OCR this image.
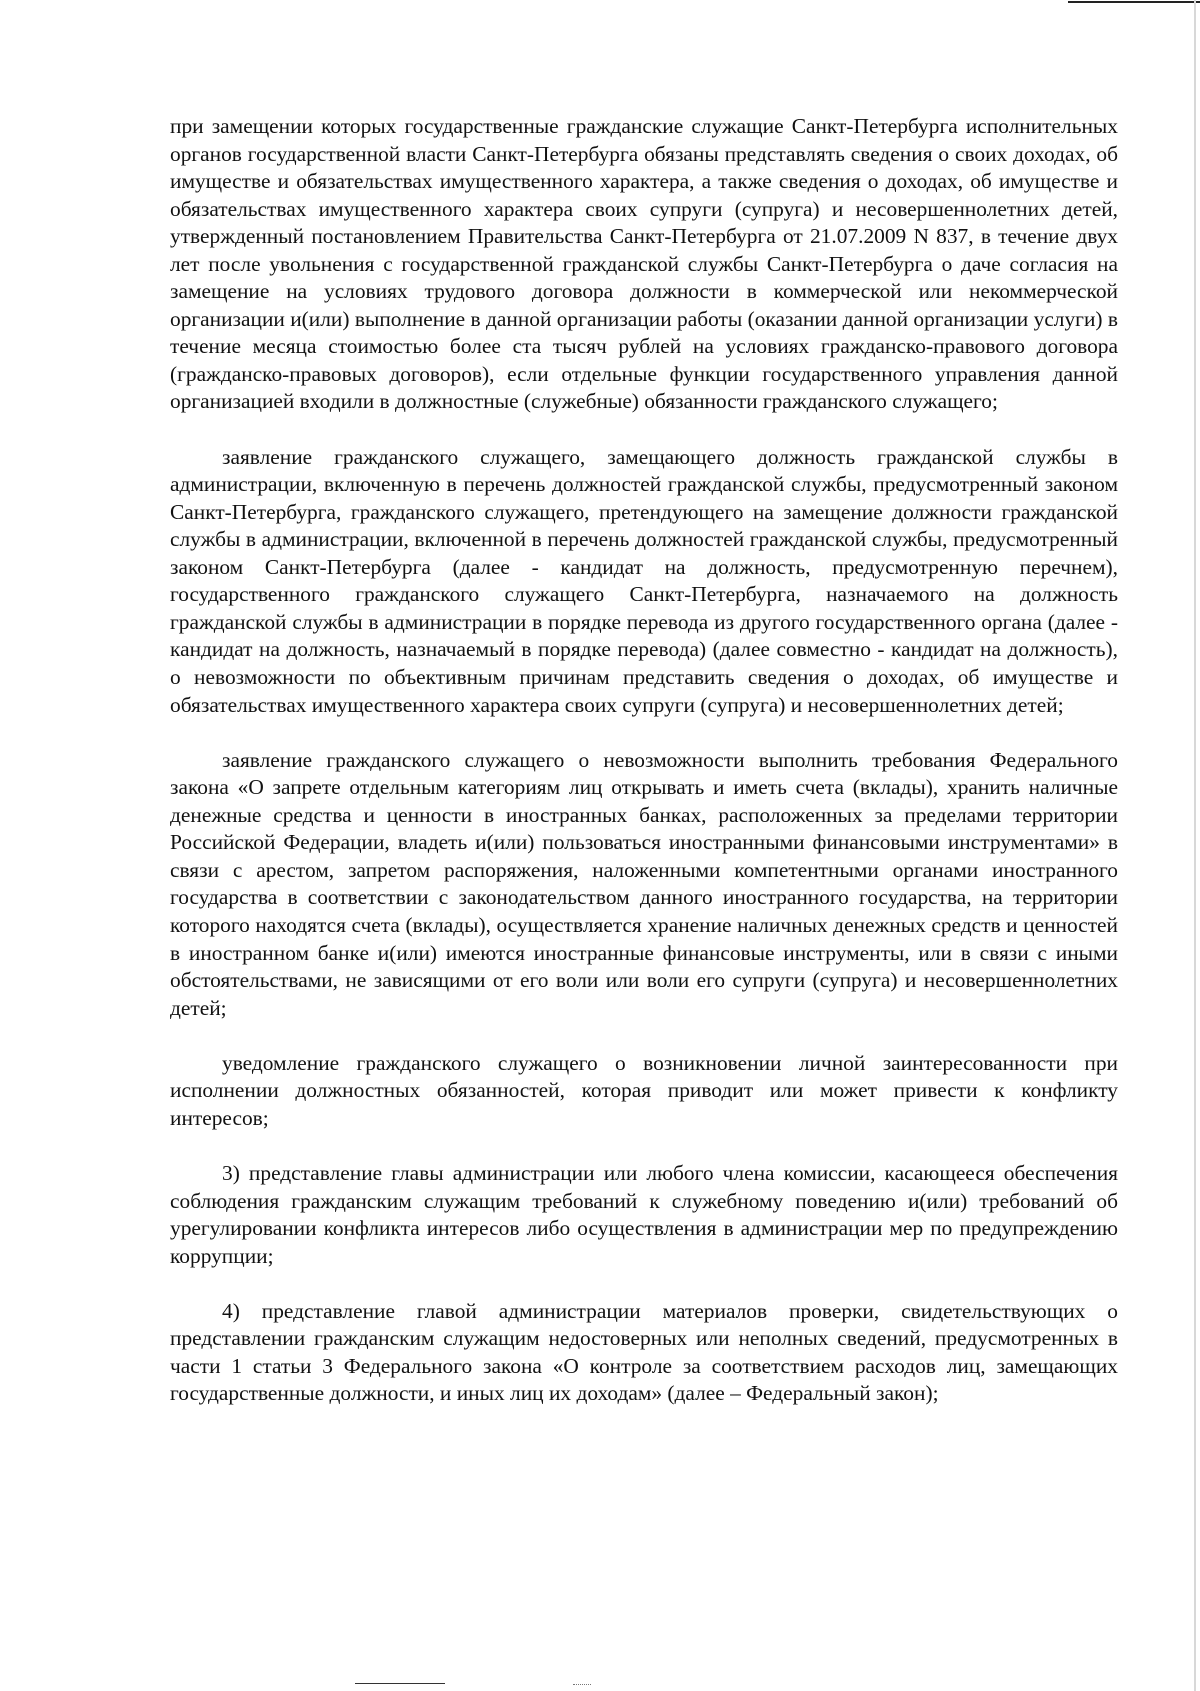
при замещении которых государственные гражданские служащие Санкт-Петербурга исполнительных органов государственной власти Санкт-Петербурга обязаны представлять сведения о своих доходах, об имуществе и обязательствах имущественного характера, а также сведения о доходах, об имуществе и обязательствах имущественного характера своих супруги (супруга) и несовершеннолетних детей, утвержденный постановлением Правительства Санкт-Петербурга от 21.07.2009 N 837, в течение двух лет после увольнения с государственной гражданской службы Санкт-Петербурга о даче согласия на замещение на условиях трудового договора должности в коммерческой или некоммерческой организации и(или) выполнение в данной организации работы (оказании данной организации услуги) в течение месяца стоимостью более ста тысяч рублей на условиях гражданско-правового договора (гражданско-правовых договоров), если отдельные функции государственного управления данной организацией входили в должностные (служебные) обязанности гражданского служащего;

заявление гражданского служащего, замещающего должность гражданской службы в администрации, включенную в перечень должностей гражданской службы, предусмотренный законом Санкт-Петербурга, гражданского служащего, претендующего на замещение должности гражданской службы в администрации, включенной в перечень должностей гражданской службы, предусмотренный законом Санкт-Петербурга (далее - кандидат на должность, предусмотренную перечнем), государственного гражданского служащего Санкт-Петербурга, назначаемого на должность гражданской службы в администрации в порядке перевода из другого государственного органа (далее - кандидат на должность, назначаемый в порядке перевода) (далее совместно - кандидат на должность), о невозможности по объективным причинам представить сведения о доходах, об имуществе и обязательствах имущественного характера своих супруги (супруга) и несовершеннолетних детей;

заявление гражданского служащего о невозможности выполнить требования Федерального закона «О запрете отдельным категориям лиц открывать и иметь счета (вклады), хранить наличные денежные средства и ценности в иностранных банках, расположенных за пределами территории Российской Федерации, владеть и(или) пользоваться иностранными финансовыми инструментами» в связи с арестом, запретом распоряжения, наложенными компетентными органами иностранного государства в соответствии с законодательством данного иностранного государства, на территории которого находятся счета (вклады), осуществляется хранение наличных денежных средств и ценностей в иностранном банке и(или) имеются иностранные финансовые инструменты, или в связи с иными обстоятельствами, не зависящими от его воли или воли его супруги (супруга) и несовершеннолетних детей;

уведомление гражданского служащего о возникновении личной заинтересованности при исполнении должностных обязанностей, которая приводит или может привести к конфликту интересов;

3) представление главы администрации или любого члена комиссии, касающееся обеспечения соблюдения гражданским служащим требований к служебному поведению и(или) требований об урегулировании конфликта интересов либо осуществления в администрации мер по предупреждению коррупции;

4) представление главой администрации материалов проверки, свидетельствующих о представлении гражданским служащим недостоверных или неполных сведений, предусмотренных в части 1 статьи 3 Федерального закона «О контроле за соответствием расходов лиц, замещающих государственные должности, и иных лиц их доходам» (далее – Федеральный закон);
